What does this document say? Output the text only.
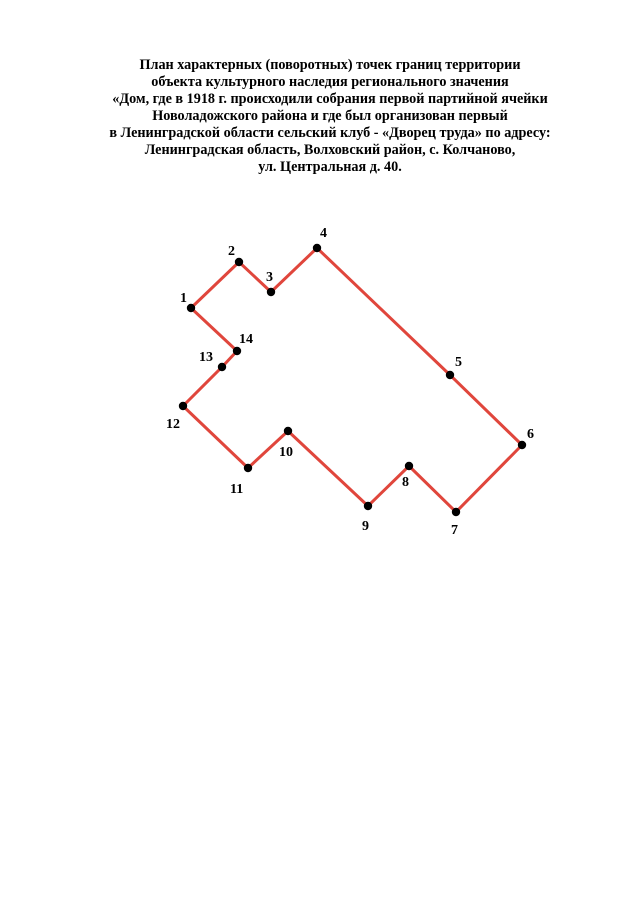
План характерных (поворотных) точек границ территории
объекта культурного наследия регионального значения
«Дом, где в 1918 г. происходили собрания первой партийной ячейки
Новоладожского района и где был организован первый
в Ленинградской области сельский клуб - «Дворец труда» по адресу:
Ленинградская область, Волховский район, с. Колчаново,
ул. Центральная д. 40.
1
2
3
4
5
6
7
8
9
10
11
12
13
14
